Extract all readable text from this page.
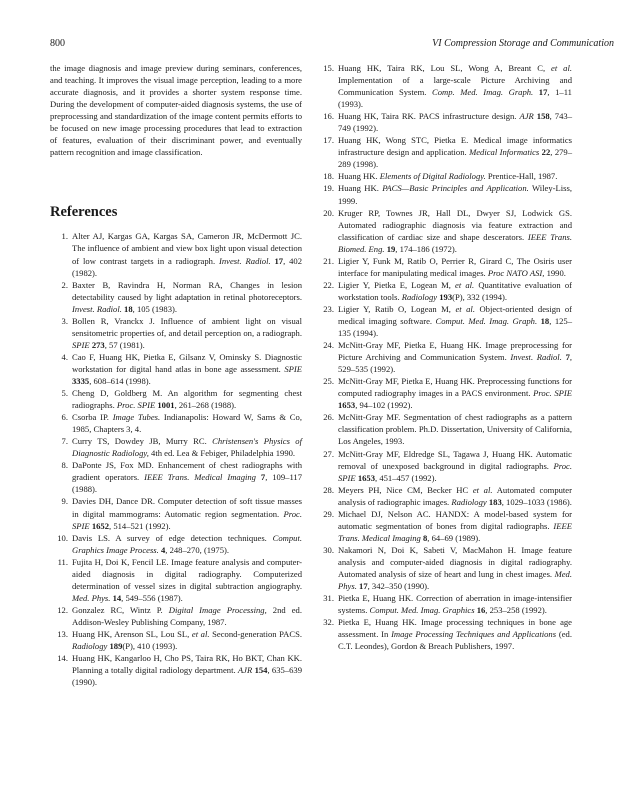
800	VI Compression Storage and Communication

the image diagnosis and image preview during seminars, conferences, and teaching. It improves the visual image perception, leading to a more accurate diagnosis, and it provides a shorter system response time. During the development of computer-aided diagnosis systems, the use of preprocessing and standardization of the image content permits efforts to be focused on new image processing procedures that lead to extraction of features, evaluation of their discriminant power, and eventually pattern recognition and image classification.

References
1. Alter AJ, Kargas GA, Kargas SA, Cameron JR, McDermott JC. The influence of ambient and view box light upon visual detection of low contrast targets in a radiograph. Invest. Radiol. 17, 402 (1982).
2. Baxter B, Ravindra H, Norman RA, Changes in lesion detectability caused by light adaptation in retinal photoreceptors. Invest. Radiol. 18, 105 (1983).
3. Bollen R, Vranckx J. Influence of ambient light on visual sensitometric properties of, and detail perception on, a radiograph. SPIE 273, 57 (1981).
4. Cao F, Huang HK, Pietka E, Gilsanz V, Ominsky S. Diagnostic workstation for digital hand atlas in bone age assessment. SPIE 3335, 608–614 (1998).
5. Cheng D, Goldberg M. An algorithm for segmenting chest radiographs. Proc. SPIE 1001, 261–268 (1988).
6. Csorba IP. Image Tubes. Indianapolis: Howard W, Sams & Co, 1985, Chapters 3, 4.
7. Curry TS, Dowdey JB, Murry RC. Christensen's Physics of Diagnostic Radiology, 4th ed. Lea & Febiger, Philadelphia 1990.
8. DaPonte JS, Fox MD. Enhancement of chest radiographs with gradient operators. IEEE Trans. Medical Imaging 7, 109–117 (1988).
9. Davies DH, Dance DR. Computer detection of soft tissue masses in digital mammograms: Automatic region segmentation. Proc. SPIE 1652, 514–521 (1992).
10. Davis LS. A survey of edge detection techniques. Comput. Graphics Image Process. 4, 248–270, (1975).
11. Fujita H, Doi K, Fencil LE. Image feature analysis and computer-aided diagnosis in digital radiography. Computerized determination of vessel sizes in digital subtraction angiography. Med. Phys. 14, 549–556 (1987).
12. Gonzalez RC, Wintz P. Digital Image Processing, 2nd ed. Addison-Wesley Publishing Company, 1987.
13. Huang HK, Arenson SL, Lou SL, et al. Second-generation PACS. Radiology 189(P), 410 (1993).
14. Huang HK, Kangarloo H, Cho PS, Taira RK, Ho BKT, Chan KK. Planning a totally digital radiology department. AJR 154, 635–639 (1990).
15. Huang HK, Taira RK, Lou SL, Wong A, Breant C, et al. Implementation of a large-scale Picture Archiving and Communication System. Comp. Med. Imag. Graph. 17, 1–11 (1993).
16. Huang HK, Taira RK. PACS infrastructure design. AJR 158, 743–749 (1992).
17. Huang HK, Wong STC, Pietka E. Medical image informatics infrastructure design and application. Medical Informatics 22, 279–289 (1998).
18. Huang HK. Elements of Digital Radiology. Prentice-Hall, 1987.
19. Huang HK. PACS—Basic Principles and Application. Wiley-Liss, 1999.
20. Kruger RP, Townes JR, Hall DL, Dwyer SJ, Lodwick GS. Automated radiographic diagnosis via feature extraction and classification of cardiac size and shape descerators. IEEE Trans. Biomed. Eng. 19, 174–186 (1972).
21. Ligier Y, Funk M, Ratib O, Perrier R, Girard C, The Osiris user interface for manipulating medical images. Proc NATO ASI, 1990.
22. Ligier Y, Pietka E, Logean M, et al. Quantitative evaluation of workstation tools. Radiology 193(P), 332 (1994).
23. Ligier Y, Ratib O, Logean M, et al. Object-oriented design of medical imaging software. Comput. Med. Imag. Graph. 18, 125–135 (1994).
24. McNitt-Gray MF, Pietka E, Huang HK. Image preprocessing for Picture Archiving and Communication System. Invest. Radiol. 7, 529–535 (1992).
25. McNitt-Gray MF, Pietka E, Huang HK. Preprocessing functions for computed radiography images in a PACS environment. Proc. SPIE 1653, 94–102 (1992).
26. McNitt-Gray MF. Segmentation of chest radiographs as a pattern classification problem. Ph.D. Dissertation, University of California, Los Angeles, 1993.
27. McNitt-Gray MF, Eldredge SL, Tagawa J, Huang HK. Automatic removal of unexposed background in digital radiographs. Proc. SPIE 1653, 451–457 (1992).
28. Meyers PH, Nice CM, Becker HC et al. Automated computer analysis of radiographic images. Radiology 183, 1029–1033 (1986).
29. Michael DJ, Nelson AC. HANDX: A model-based system for automatic segmentation of bones from digital radiographs. IEEE Trans. Medical Imaging 8, 64–69 (1989).
30. Nakamori N, Doi K, Sabeti V, MacMahon H. Image feature analysis and computer-aided diagnosis in digital radiography. Automated analysis of size of heart and lung in chest images. Med. Phys. 17, 342–350 (1990).
31. Pietka E, Huang HK. Correction of aberration in image-intensifier systems. Comput. Med. Imag. Graphics 16, 253–258 (1992).
32. Pietka E, Huang HK. Image processing techniques in bone age assessment. In Image Processing Techniques and Applications (ed. C.T. Leondes), Gordon & Breach Publishers, 1997.
